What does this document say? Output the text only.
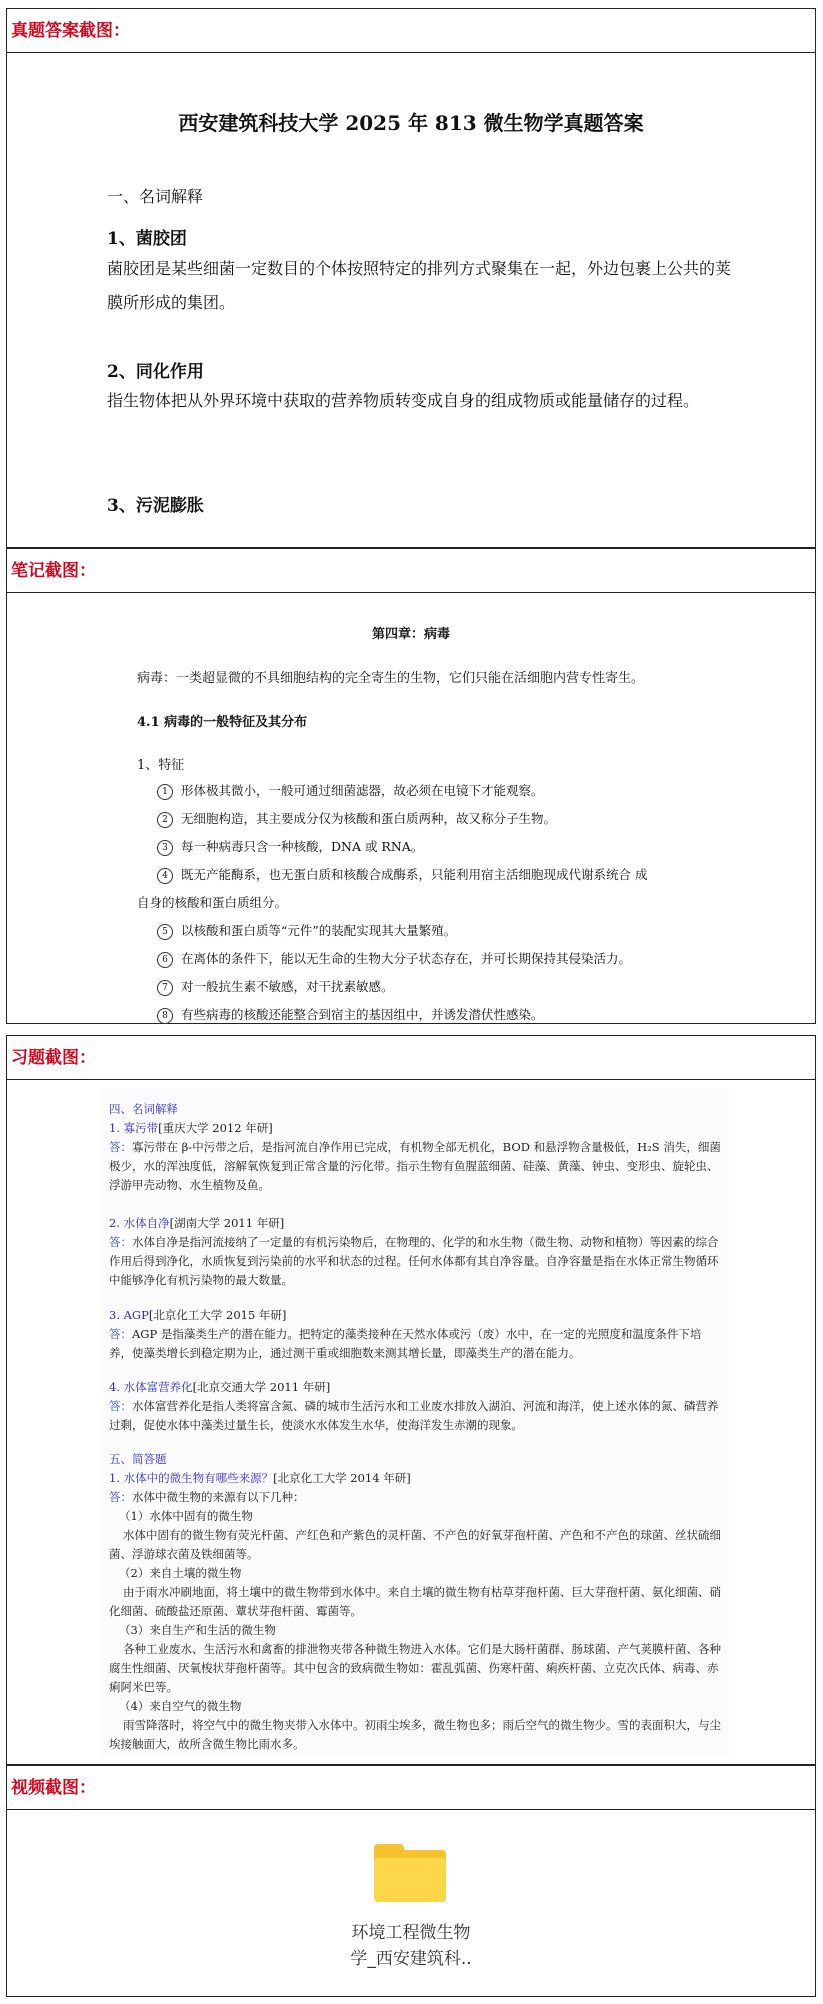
真题答案截图：
西安建筑科技大学 2025 年 813 微生物学真题答案
一、名词解释
1、菌胶团
菌胶团是某些细菌一定数目的个体按照特定的排列方式聚集在一起，外边包裹上公共的荚膜所形成的集团。
2、同化作用
指生物体把从外界环境中获取的营养物质转变成自身的组成物质或能量储存的过程。
3、污泥膨胀
笔记截图：
第四章：病毒
病毒：一类超显微的不具细胞结构的完全寄生的生物，它们只能在活细胞内营专性寄生。
4.1 病毒的一般特征及其分布
1、特征
1 形体极其微小，一般可通过细菌滤器，故必须在电镜下才能观察。
2 无细胞构造，其主要成分仅为核酸和蛋白质两种，故又称分子生物。
3 每一种病毒只含一种核酸，DNA 或 RNA。
4 既无产能酶系，也无蛋白质和核酸合成酶系，只能利用宿主活细胞现成代谢系统合 成
自身的核酸和蛋白质组分。
5 以核酸和蛋白质等“元件”的装配实现其大量繁殖。
6 在离体的条件下，能以无生命的生物大分子状态存在，并可长期保持其侵染活力。
7 对一般抗生素不敏感，对干扰素敏感。
8 有些病毒的核酸还能整合到宿主的基因组中，并诱发潜伏性感染。
习题截图：
四、名词解释
1. 寡污带[重庆大学 2012 年研]
答：寡污带在 β-中污带之后，是指河流自净作用已完成，有机物全部无机化，BOD 和悬浮物含量极低，H₂S 消失，细菌极少，水的浑浊度低，溶解氧恢复到正常含量的污化带。指示生物有鱼腥蓝细菌、硅藻、黄藻、钟虫、变形虫、旋轮虫、浮游甲壳动物、水生植物及鱼。
2. 水体自净[湖南大学 2011 年研]
答：水体自净是指河流接纳了一定量的有机污染物后，在物理的、化学的和水生物（微生物、动物和植物）等因素的综合作用后得到净化，水质恢复到污染前的水平和状态的过程。任何水体都有其自净容量。自净容量是指在水体正常生物循环中能够净化有机污染物的最大数量。
3. AGP[北京化工大学 2015 年研]
答：AGP 是指藻类生产的潜在能力。把特定的藻类接种在天然水体或污（废）水中，在一定的光照度和温度条件下培养，使藻类增长到稳定期为止，通过测干重或细胞数来测其增长量，即藻类生产的潜在能力。
4. 水体富营养化[北京交通大学 2011 年研]
答：水体富营养化是指人类将富含氮、磷的城市生活污水和工业废水排放入湖泊、河流和海洋，使上述水体的氮、磷营养过剩，促使水体中藻类过量生长，使淡水水体发生水华，使海洋发生赤潮的现象。
五、简答题
1. 水体中的微生物有哪些来源？[北京化工大学 2014 年研]
答：水体中微生物的来源有以下几种：
（1）水体中固有的微生物
水体中固有的微生物有荧光杆菌、产红色和产紫色的灵杆菌、不产色的好氧芽孢杆菌、产色和不产色的球菌、丝状硫细菌、浮游球衣菌及铁细菌等。
（2）来自土壤的微生物
由于雨水冲刷地面，将土壤中的微生物带到水体中。来自土壤的微生物有枯草芽孢杆菌、巨大芽孢杆菌、氨化细菌、硝化细菌、硫酸盐还原菌、蕈状芽孢杆菌、霉菌等。
（3）来自生产和生活的微生物
各种工业废水、生活污水和禽畜的排泄物夹带各种微生物进入水体。它们是大肠杆菌群、肠球菌、产气荚膜杆菌、各种腐生性细菌、厌氧梭状芽孢杆菌等。其中包含的致病微生物如：霍乱弧菌、伤寒杆菌、痢疾杆菌、立克次氏体、病毒、赤痢阿米巴等。
（4）来自空气的微生物
雨雪降落时，将空气中的微生物夹带入水体中。初雨尘埃多，微生物也多；雨后空气的微生物少。雪的表面积大，与尘埃接触面大，故所含微生物比雨水多。
视频截图：
环境工程微生物
学_西安建筑科..
